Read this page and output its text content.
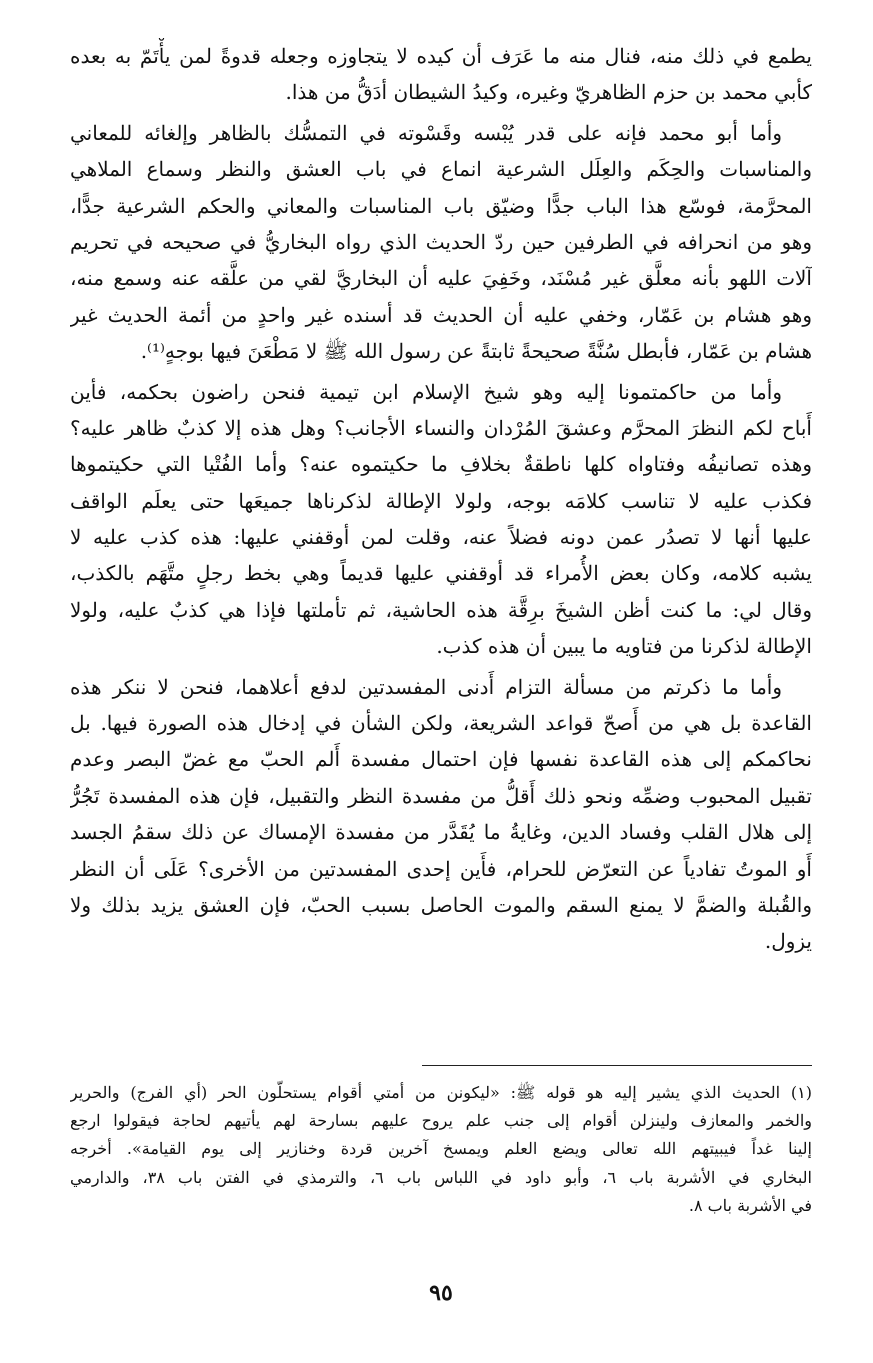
يطمع في ذلك منه، فنال منه ما عَرَف أن كيده لا يتجاوزه وجعله قدوةً لمن يأْتَمّ به بعده
كأبي محمد بن حزم الظاهريّ وغيره، وكيدُ الشيطان أدَقُّ من هذا.
وأما أبو محمد فإنه على قدر يُبْسه وقَسْوته في التمسُّك بالظاهر وإلغائه للمعاني
والمناسبات والحِكَم والعِلَل الشرعية انماع في باب العشق والنظر وسماع الملاهي
المحرَّمة، فوسّع هذا الباب جدًّا وضيّق باب المناسبات والمعاني والحكم الشرعية جدًّا،
وهو من انحرافه في الطرفين حين ردّ الحديث الذي رواه البخاريُّ في صحيحه في تحريم
آلات اللهو بأنه معلَّق غير مُسْنَد، وخَفِيَ عليه أن البخاريَّ لقي من علَّقه عنه وسمع منه،
وهو هشام بن عَمّار، وخفي عليه أن الحديث قد أسنده غير واحدٍ من أئمة الحديث غير
هشام بن عَمّار، فأبطل سُنَّةً صحيحةً ثابتةً عن رسول الله ﷺ لا مَطْعَنَ فيها بوجهٍ⁽¹⁾.
وأما من حاكمتمونا إليه وهو شيخ الإسلام ابن تيمية فنحن راضون بحكمه، فأين
أَباح لكم النظرَ المحرَّم وعشقَ المُرْدان والنساء الأجانب؟ وهل هذه إلا كذبٌ ظاهر عليه؟
وهذه تصانيفُه وفتاواه كلها ناطقةٌ بخلافِ ما حكيتموه عنه؟ وأما الفُتْيا التي حكيتموها
فكذب عليه لا تناسب كلامَه بوجه، ولولا الإطالة لذكرناها جميعَها حتى يعلَم الواقف
عليها أنها لا تصدُر عمن دونه فضلاً عنه، وقلت لمن أوقفني عليها: هذه كذب عليه لا
يشبه كلامه، وكان بعض الأُمراء قد أوقفني عليها قديماً وهي بخط رجلٍ متَّهَم بالكذب،
وقال لي: ما كنت أظن الشيخَ برِقَّة هذه الحاشية، ثم تأملتها فإذا هي كذبٌ عليه، ولولا
الإطالة لذكرنا من فتاويه ما يبين أن هذه كذب.
وأما ما ذكرتم من مسألة التزام أَدنى المفسدتين لدفع أعلاهما، فنحن لا ننكر هذه
القاعدة بل هي من أَصحّ قواعد الشريعة، ولكن الشأن في إدخال هذه الصورة فيها. بل
نحاكمكم إلى هذه القاعدة نفسها فإن احتمال مفسدة أَلم الحبّ مع غضّ البصر وعدم
تقبيل المحبوب وضمِّه ونحو ذلك أَقلُّ من مفسدة النظر والتقبيل، فإن هذه المفسدة تَجُرُّ
إلى هلال القلب وفساد الدين، وغايةُ ما يُقَدَّر من مفسدة الإمساك عن ذلك سقمُ الجسد
أَو الموتُ تفادياً عن التعرّض للحرام، فأَين إحدى المفسدتين من الأخرى؟ عَلَى أن النظر
والقُبلة والضمَّ لا يمنع السقم والموت الحاصل بسبب الحبّ، فإن العشق يزيد بذلك ولا
يزول.
(١) الحديث الذي يشير إليه هو قوله ﷺ: «ليكونن من أمتي أقوام يستحلّون الحر (أي الفرج) والحرير
والخمر والمعازف ولينزلن أقوام إلى جنب علم يروح عليهم بسارحة لهم يأتيهم لحاجة فيقولوا ارجع
إلينا غداً فيبيتهم الله تعالى ويضع العلم ويمسخ آخرين قردة وخنازير إلى يوم القيامة». أخرجه
البخاري في الأشربة باب ٦، وأبو داود في اللباس باب ٦، والترمذي في الفتن باب ٣٨، والدارمي
في الأشربة باب ٨.
٩٥
